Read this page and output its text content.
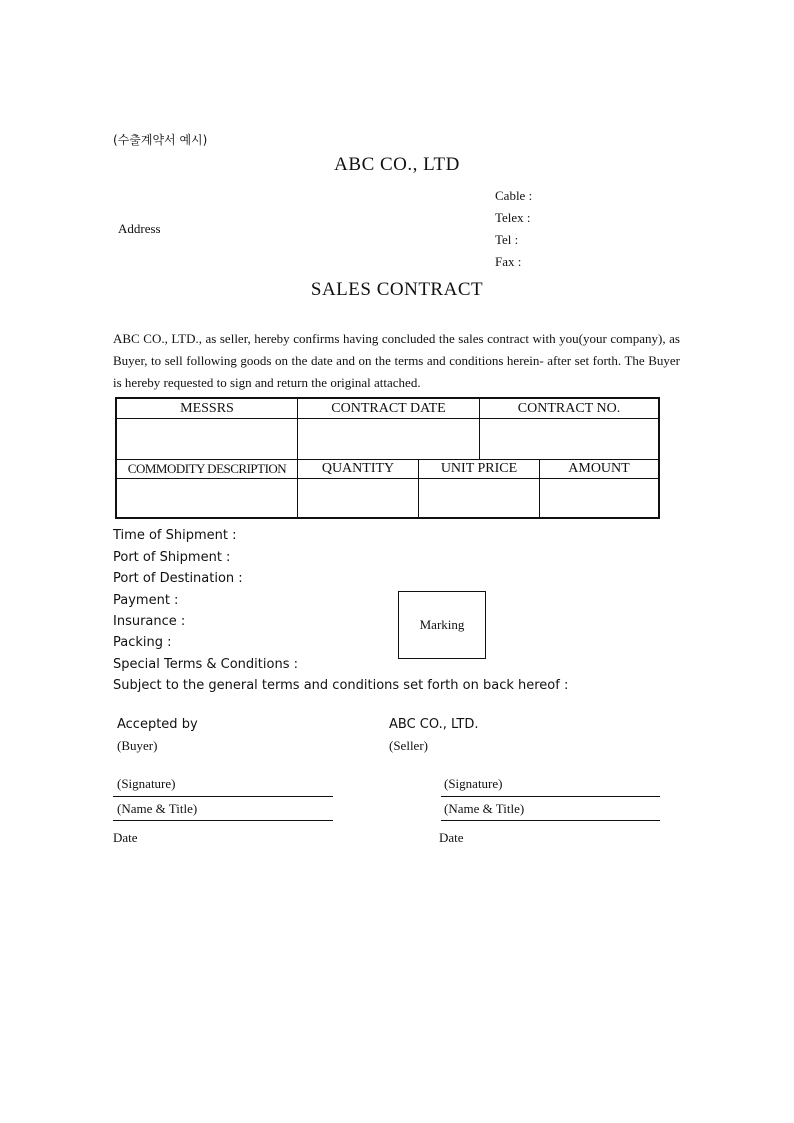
(수출계약서 예시)
ABC CO., LTD
Address
Cable :
Telex :
Tel :
Fax :
SALES CONTRACT
ABC CO., LTD., as seller, hereby confirms having concluded the sales contract with you(your company), as Buyer, to sell following goods on the date and on the terms and conditions herein- after set forth. The Buyer is hereby requested to sign and return the original attached.
MESSRS	CONTRACT DATE	CONTRACT NO.
COMMODITY DESCRIPTION	QUANTITY	UNIT PRICE	AMOUNT
Time of Shipment :
Port of Shipment :
Port of Destination :
Payment :
Insurance :
Packing :
Special Terms & Conditions :
Subject to the general terms and conditions set forth on back hereof :
Marking
Accepted by
(Buyer)
(Signature)
(Name & Title)
Date
ABC CO., LTD.
(Seller)
(Signature)
(Name & Title)
Date
